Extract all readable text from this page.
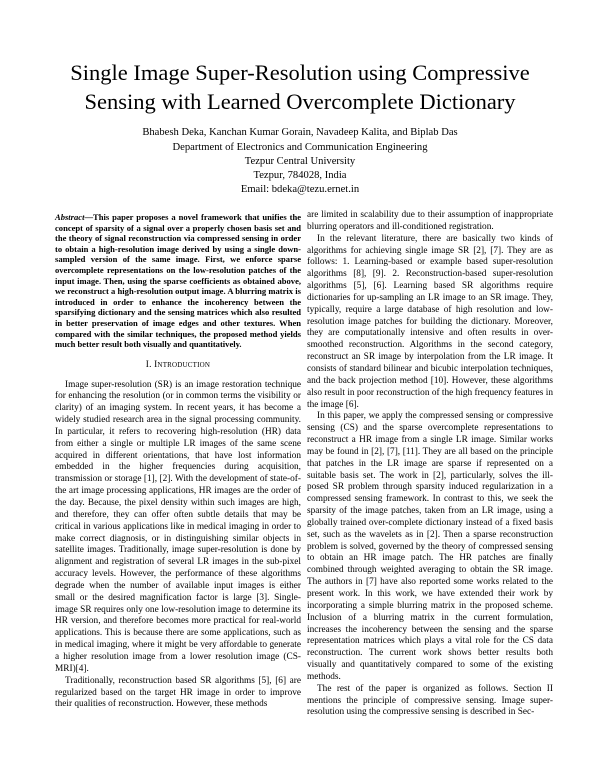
Single Image Super-Resolution using Compressive
Sensing with Learned Overcomplete Dictionary
Bhabesh Deka, Kanchan Kumar Gorain, Navadeep Kalita, and Biplab Das
Department of Electronics and Communication Engineering
Tezpur Central University
Tezpur, 784028, India
Email: bdeka@tezu.ernet.in
Abstract—This paper proposes a novel framework that unifies the concept of sparsity of a signal over a properly chosen basis set and the theory of signal reconstruction via compressed sensing in order to obtain a high-resolution image derived by using a single down-sampled version of the same image. First, we enforce sparse overcomplete representations on the low-resolution patches of the input image. Then, using the sparse coefficients as obtained above, we reconstruct a high-resolution output image. A blurring matrix is introduced in order to enhance the incoherency between the sparsifying dictionary and the sensing matrices which also resulted in better preservation of image edges and other textures. When compared with the similar techniques, the proposed method yields much better result both visually and quantitatively.
I. Introduction

Image super-resolution (SR) is an image restoration technique for enhancing the resolution (or in common terms the visibility or clarity) of an imaging system. In recent years, it has become a widely studied research area in the signal processing community. In particular, it refers to recovering high-resolution (HR) data from either a single or multiple LR images of the same scene acquired in different orientations, that have lost information embedded in the higher frequencies during acquisition, transmission or storage [1], [2]. With the development of state-of-the art image processing applications, HR images are the order of the day. Because, the pixel density within such images are high, and therefore, they can offer often subtle details that may be critical in various applications like in medical imaging in order to make correct diagnosis, or in distinguishing similar objects in satellite images. Traditionally, image super-resolution is done by alignment and registration of several LR images in the sub-pixel accuracy levels. However, the performance of these algorithms degrade when the number of available input images is either small or the desired magnification factor is large [3]. Single-image SR requires only one low-resolution image to determine its HR version, and therefore becomes more practical for real-world applications. This is because there are some applications, such as in medical imaging, where it might be very affordable to generate a higher resolution image from a lower resolution image (CS-MRI)[4].

Traditionally, reconstruction based SR algorithms [5], [6] are regularized based on the target HR image in order to improve their qualities of reconstruction. However, these methods

are limited in scalability due to their assumption of inappropriate blurring operators and ill-conditioned registration.

In the relevant literature, there are basically two kinds of algorithms for achieving single image SR [2], [7]. They are as follows: 1. Learning-based or example based super-resolution algorithms [8], [9]. 2. Reconstruction-based super-resolution algorithms [5], [6]. Learning based SR algorithms require dictionaries for up-sampling an LR image to an SR image. They, typically, require a large database of high resolution and low-resolution image patches for building the dictionary. Moreover, they are computationally intensive and often results in over-smoothed reconstruction. Algorithms in the second category, reconstruct an SR image by interpolation from the LR image. It consists of standard bilinear and bicubic interpolation techniques, and the back projection method [10]. However, these algorithms also result in poor reconstruction of the high frequency features in the image [6].

In this paper, we apply the compressed sensing or compressive sensing (CS) and the sparse overcomplete representations to reconstruct a HR image from a single LR image. Similar works may be found in [2], [7], [11]. They are all based on the principle that patches in the LR image are sparse if represented on a suitable basis set. The work in [2], particularly, solves the ill-posed SR problem through sparsity induced regularization in a compressed sensing framework. In contrast to this, we seek the sparsity of the image patches, taken from an LR image, using a globally trained over-complete dictionary instead of a fixed basis set, such as the wavelets as in [2]. Then a sparse reconstruction problem is solved, governed by the theory of compressed sensing to obtain an HR image patch. The HR patches are finally combined through weighted averaging to obtain the SR image. The authors in [7] have also reported some works related to the present work. In this work, we have extended their work by incorporating a simple blurring matrix in the proposed scheme. Inclusion of a blurring matrix in the current formulation, increases the incoherency between the sensing and the sparse representation matrices which plays a vital role for the CS data reconstruction. The current work shows better results both visually and quantitatively compared to some of the existing methods.

The rest of the paper is organized as follows. Section II mentions the principle of compressive sensing. Image super-resolution using the compressive sensing is described in Sec-
